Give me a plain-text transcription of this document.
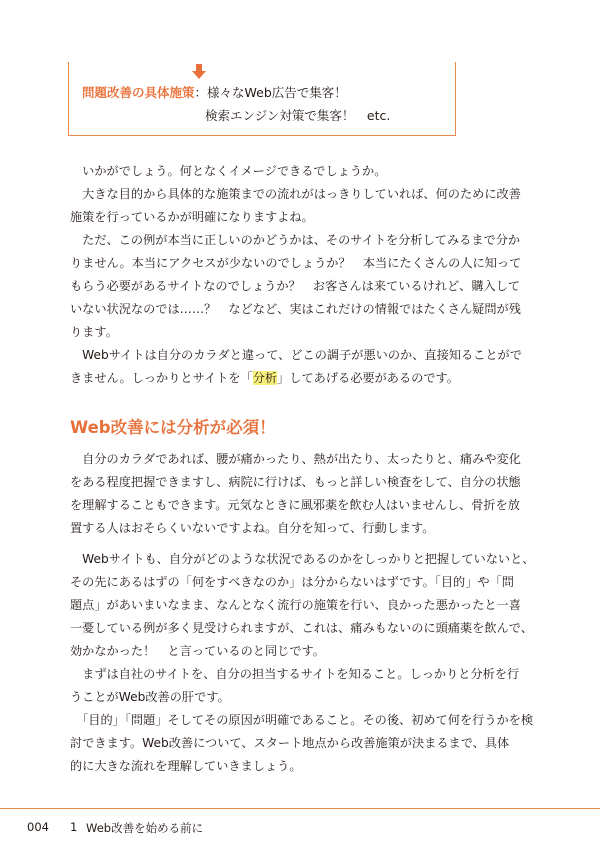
問題改善の具体施策：様々なWeb広告で集客！
検索エンジン対策で集客！　etc.
　いかがでしょう。何となくイメージできるでしょうか。
　大きな目的から具体的な施策までの流れがはっきりしていれば、何のために改善
施策を行っているかが明確になりますよね。
　ただ、この例が本当に正しいのかどうかは、そのサイトを分析してみるまで分か
りません。本当にアクセスが少ないのでしょうか？　本当にたくさんの人に知って
もらう必要があるサイトなのでしょうか？　お客さんは来ているけれど、購入して
いない状況なのでは……？　などなど、実はこれだけの情報ではたくさん疑問が残
ります。
　Webサイトは自分のカラダと違って、どこの調子が悪いのか、直接知ることがで
きません。しっかりとサイトを「分析」してあげる必要があるのです。
Web改善には分析が必須！
　自分のカラダであれば、腰が痛かったり、熱が出たり、太ったりと、痛みや変化
をある程度把握できますし、病院に行けば、もっと詳しい検査をして、自分の状態
を理解することもできます。元気なときに風邪薬を飲む人はいませんし、骨折を放
置する人はおそらくいないですよね。自分を知って、行動します。
　Webサイトも、自分がどのような状況であるのかをしっかりと把握していないと、
その先にあるはずの「何をすべきなのか」は分からないはずです。「目的」や「問
題点」があいまいなまま、なんとなく流行の施策を行い、良かった悪かったと一喜
一憂している例が多く見受けられますが、これは、痛みもないのに頭痛薬を飲んで、
効かなかった！　と言っているのと同じです。
　まずは自社のサイトを、自分の担当するサイトを知ること。しっかりと分析を行
うことがWeb改善の肝です。
　「目的」「問題」そしてその原因が明確であること。その後、初めて何を行うかを検
討できます。Web改善について、スタート地点から改善施策が決まるまで、具体
的に大きな流れを理解していきましょう。
004 1 Web改善を始める前に
